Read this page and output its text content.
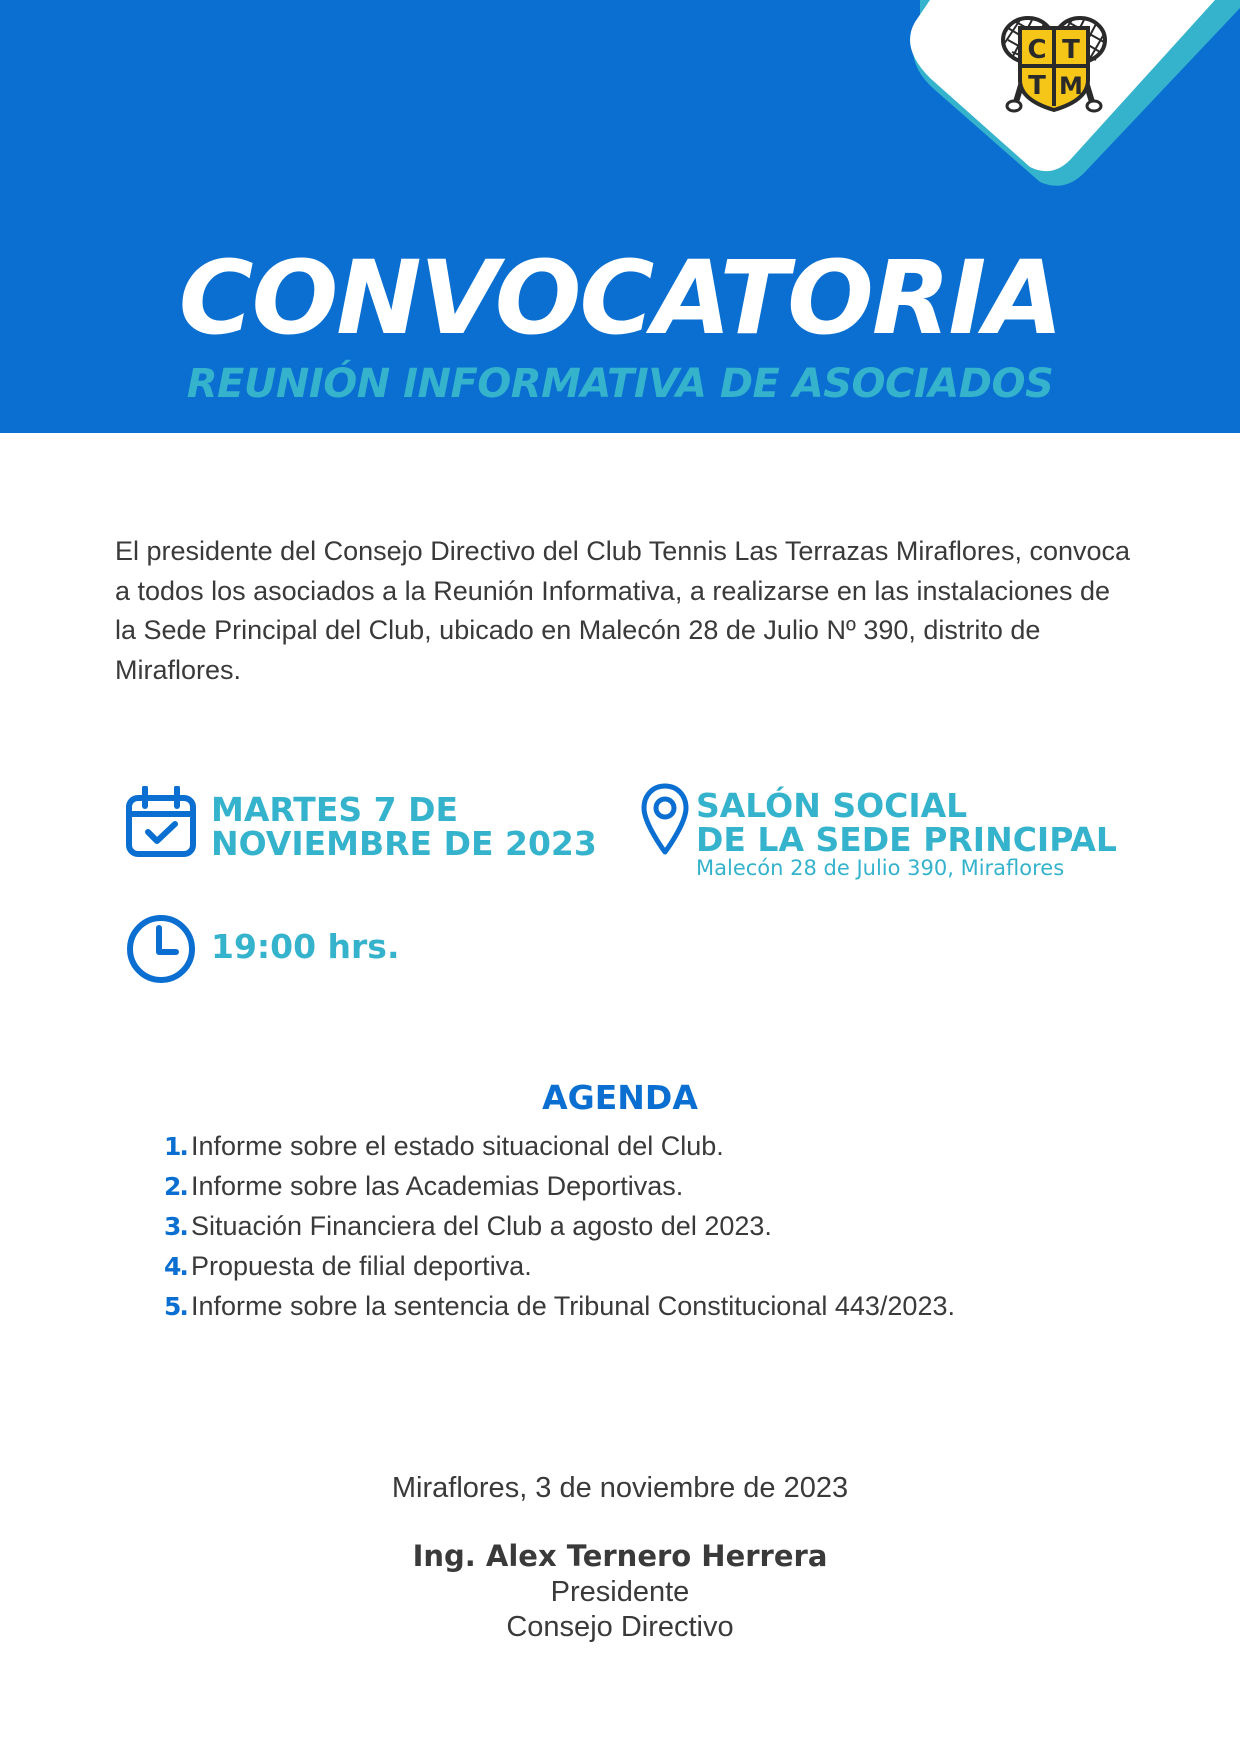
C T
T M
CONVOCATORIA
REUNIÓN INFORMATIVA DE ASOCIADOS

El presidente del Consejo Directivo del Club Tennis Las Terrazas Miraflores, convoca a todos los asociados a la Reunión Informativa, a realizarse en las instalaciones de la Sede Principal del Club, ubicado en Malecón 28 de Julio Nº 390, distrito de Miraflores.

MARTES 7 DE
NOVIEMBRE DE 2023
SALÓN SOCIAL
DE LA SEDE PRINCIPAL
Malecón 28 de Julio 390, Miraflores
19:00 hrs.
AGENDA
1. Informe sobre el estado situacional del Club.
2. Informe sobre las Academias Deportivas.
3. Situación Financiera del Club a agosto del 2023.
4. Propuesta de filial deportiva.
5. Informe sobre la sentencia de Tribunal Constitucional 443/2023.
Miraflores, 3 de noviembre de 2023
Ing. Alex Ternero Herrera
Presidente
Consejo Directivo
